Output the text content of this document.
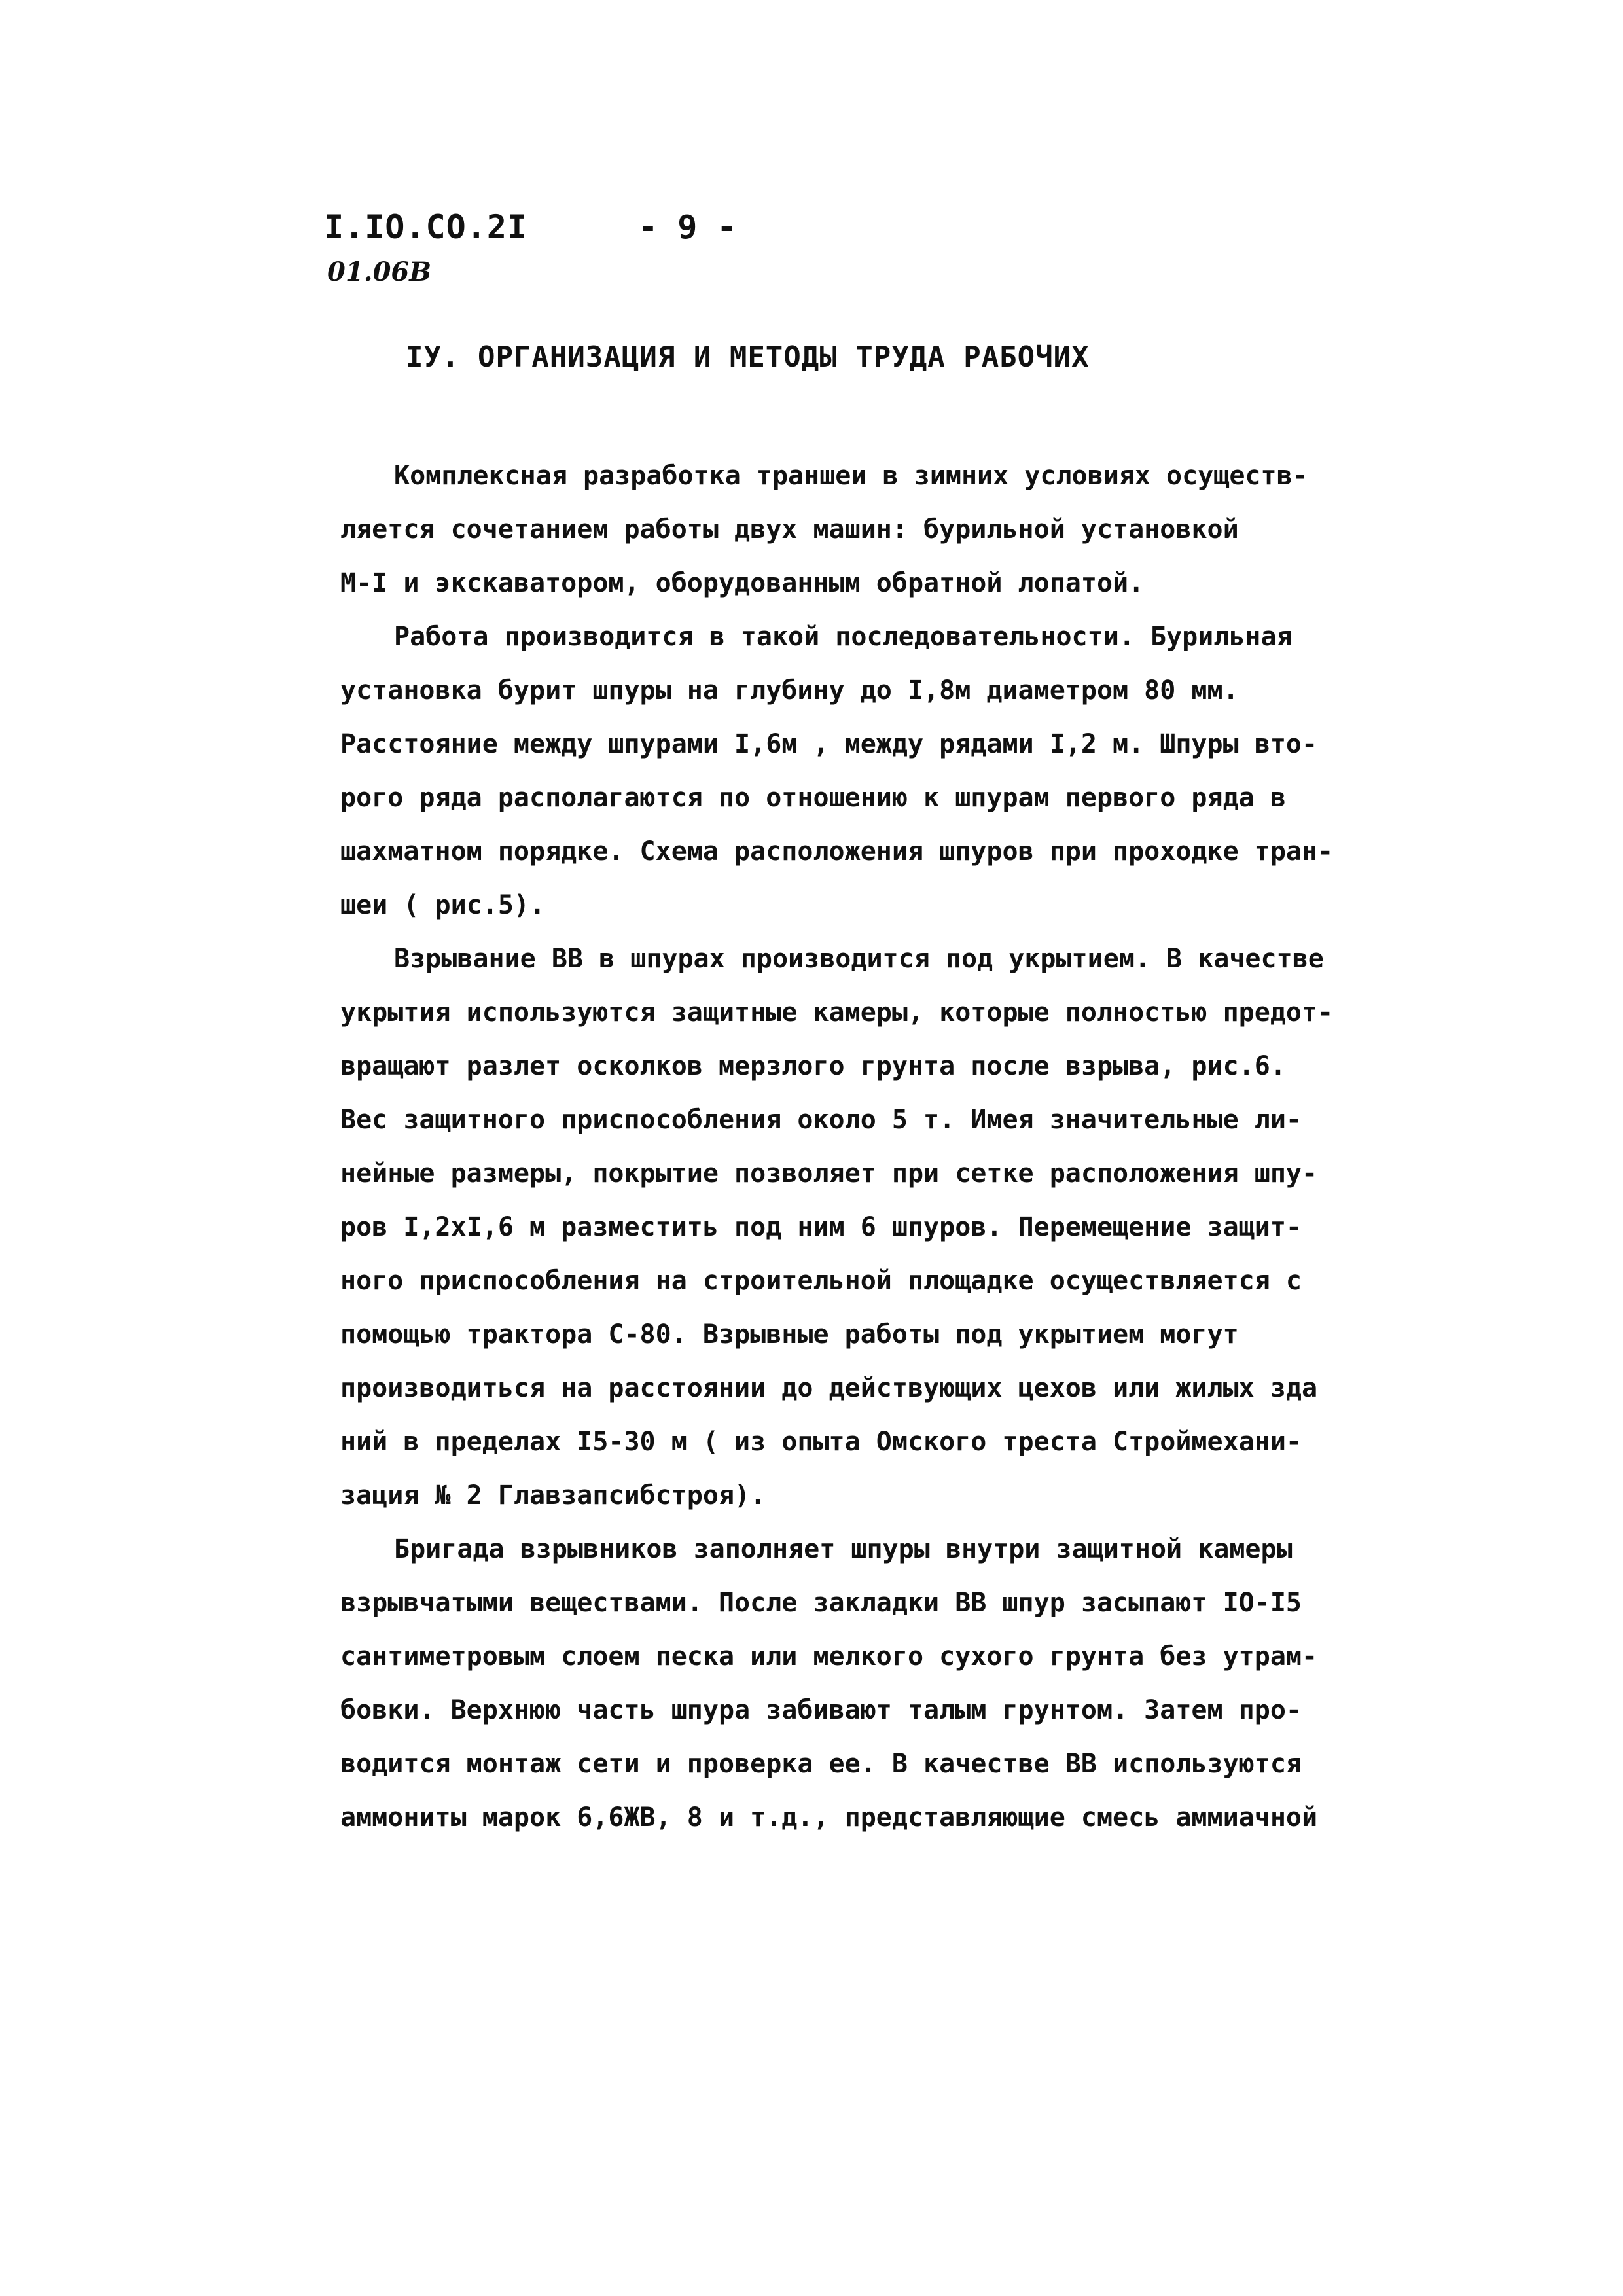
I.IO.CO.2I	- 9 -
01.06B
IУ. ОРГАНИЗАЦИЯ И МЕТОДЫ ТРУДА РАБОЧИХ
Комплексная разработка траншеи в зимних условиях осуществ-
ляется сочетанием работы двух машин: бурильной установкой
М-I и экскаватором, оборудованным обратной лопатой.
Работа производится в такой последовательности. Бурильная
установка бурит шпуры на глубину до I,8м диаметром 80 мм.
Расстояние между шпурами I,6м , между рядами I,2 м. Шпуры вто-
рого ряда располагаются по отношению к шпурам первого ряда в
шахматном порядке. Схема расположения шпуров при проходке тран-
шеи ( рис.5).
Взрывание ВВ в шпурах производится под укрытием. В качестве
укрытия используются защитные камеры, которые полностью предот-
вращают разлет осколков мерзлого грунта после взрыва, рис.6.
Вес защитного приспособления около 5 т. Имея значительные ли-
нейные размеры, покрытие позволяет при сетке расположения шпу-
ров I,2xI,6 м разместить под ним 6 шпуров. Перемещение защит-
ного приспособления на строительной площадке осуществляется с
помощью трактора С-80. Взрывные работы под укрытием могут
производиться на расстоянии до действующих цехов или жилых зда
ний в пределах I5-30 м ( из опыта Омского треста Строймехани-
зация № 2 Главзапсибстроя).
Бригада взрывников заполняет шпуры внутри защитной камеры
взрывчатыми веществами. После закладки ВВ шпур засыпают IO-I5
сантиметровым слоем песка или мелкого сухого грунта без утрам-
бовки. Верхнюю часть шпура забивают талым грунтом. Затем про-
водится монтаж сети и проверка ее. В качестве ВВ используются
аммониты марок 6,6ЖВ, 8 и т.д., представляющие смесь аммиачной
